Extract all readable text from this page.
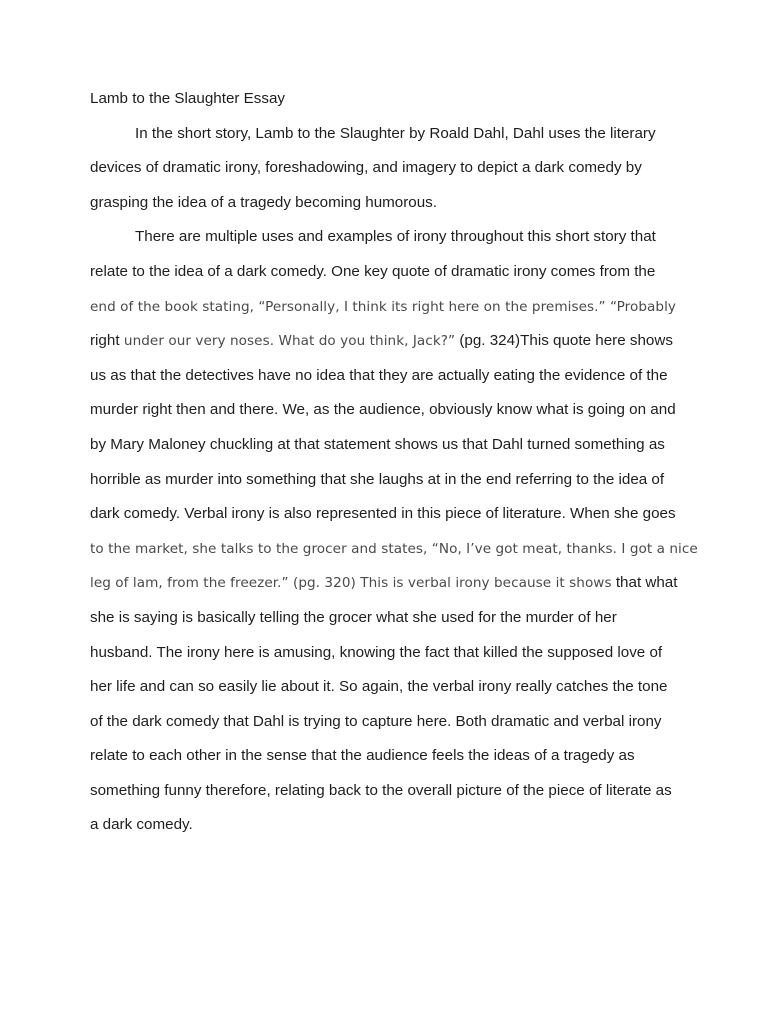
Lamb to the Slaughter Essay
In the short story, Lamb to the Slaughter by Roald Dahl, Dahl uses the literary
devices of dramatic irony, foreshadowing, and imagery to depict a dark comedy by
grasping the idea of a tragedy becoming humorous.
There are multiple uses and examples of irony throughout this short story that
relate to the idea of a dark comedy. One key quote of dramatic irony comes from the
end of the book stating, “Personally, I think its right here on the premises.” “Probably
right under our very noses. What do you think, Jack?” (pg. 324)This quote here shows
us as that the detectives have no idea that they are actually eating the evidence of the
murder right then and there. We, as the audience, obviously know what is going on and
by Mary Maloney chuckling at that statement shows us that Dahl turned something as
horrible as murder into something that she laughs at in the end referring to the idea of
dark comedy. Verbal irony is also represented in this piece of literature. When she goes
to the market, she talks to the grocer and states, “No, I’ve got meat, thanks. I got a nice
leg of lam, from the freezer.” (pg. 320) This is verbal irony because it shows that what
she is saying is basically telling the grocer what she used for the murder of her
husband. The irony here is amusing, knowing the fact that killed the supposed love of
her life and can so easily lie about it. So again, the verbal irony really catches the tone
of the dark comedy that Dahl is trying to capture here. Both dramatic and verbal irony
relate to each other in the sense that the audience feels the ideas of a tragedy as
something funny therefore, relating back to the overall picture of the piece of literate as
a dark comedy.
